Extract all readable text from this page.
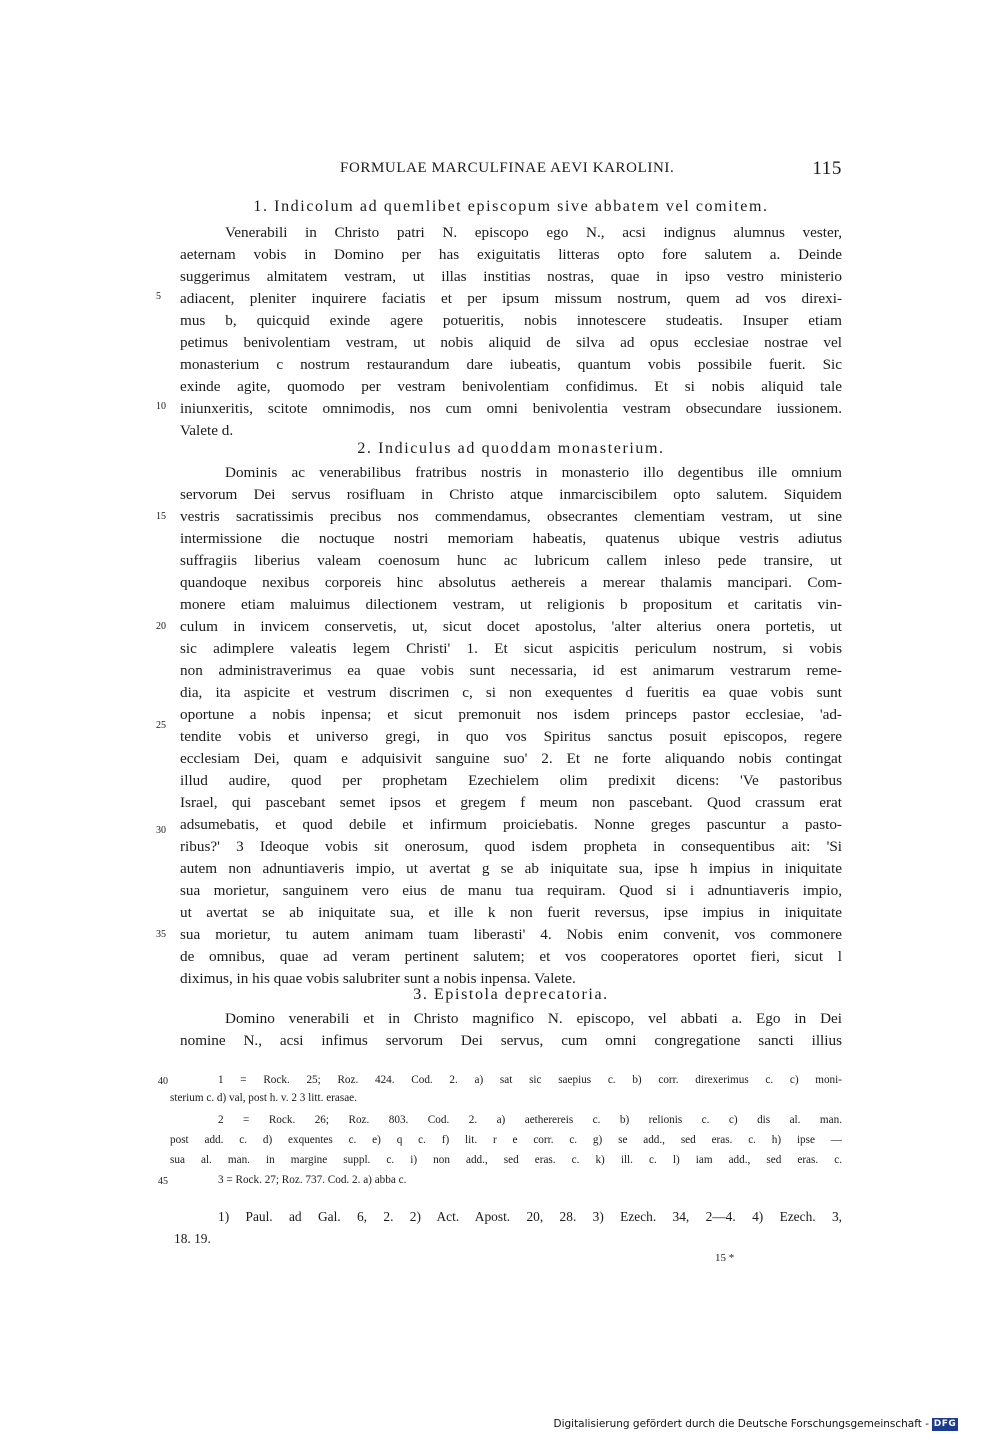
FORMULAE MARCULFINAE AEVI KAROLINI.	115
1. Indicolum ad quemlibet episcopum sive abbatem vel comitem.
Venerabili in Christo patri N. episcopo ego N., acsi indignus alumnus vester,
aeternam vobis in Domino per has exiguitatis litteras opto fore salutem a. Deinde
suggerimus almitatem vestram, ut illas institias nostras, quae in ipso vestro ministerio
adiacent, pleniter inquirere faciatis et per ipsum missum nostrum, quem ad vos direxi-
mus b, quicquid exinde agere potueritis, nobis innotescere studeatis. Insuper etiam
petimus benivolentiam vestram, ut nobis aliquid de silva ad opus ecclesiae nostrae vel
monasterium c nostrum restaurandum dare iubeatis, quantum vobis possibile fuerit. Sic
exinde agite, quomodo per vestram benivolentiam confidimus. Et si nobis aliquid tale
iniunxeritis, scitote omnimodis, nos cum omni benivolentia vestram obsecundare iussionem.
Valete d.
2. Indiculus ad quoddam monasterium.
Dominis ac venerabilibus fratribus nostris in monasterio illo degentibus ille omnium
servorum Dei servus rosifluam in Christo atque inmarciscibilem opto salutem. Siquidem
vestris sacratissimis precibus nos commendamus, obsecrantes clementiam vestram, ut sine
intermissione die noctuque nostri memoriam habeatis, quatenus ubique vestris adiutus
suffragiis liberius valeam coenosum hunc ac lubricum callem inleso pede transire, ut
quandoque nexibus corporeis hinc absolutus aethereis a merear thalamis mancipari. Com-
monere etiam maluimus dilectionem vestram, ut religionis b propositum et caritatis vin-
culum in invicem conservetis, ut, sicut docet apostolus, 'alter alterius onera portetis, ut
sic adimplere valeatis legem Christi' 1. Et sicut aspicitis periculum nostrum, si vobis
non administraverimus ea quae vobis sunt necessaria, id est animarum vestrarum reme-
dia, ita aspicite et vestrum discrimen c, si non exequentes d fueritis ea quae vobis sunt
oportune a nobis inpensa; et sicut premonuit nos isdem princeps pastor ecclesiae, 'ad-
tendite vobis et universo gregi, in quo vos Spiritus sanctus posuit episcopos, regere
ecclesiam Dei, quam e adquisivit sanguine suo' 2. Et ne forte aliquando nobis contingat
illud audire, quod per prophetam Ezechielem olim predixit dicens: 'Ve pastoribus
Israel, qui pascebant semet ipsos et gregem f meum non pascebant. Quod crassum erat
adsumebatis, et quod debile et infirmum proiciebatis. Nonne greges pascuntur a pasto-
ribus?' 3 Ideoque vobis sit onerosum, quod isdem propheta in consequentibus ait: 'Si
autem non adnuntiaveris impio, ut avertat g se ab iniquitate sua, ipse h impius in iniquitate
sua morietur, sanguinem vero eius de manu tua requiram. Quod si i adnuntiaveris impio,
ut avertat se ab iniquitate sua, et ille k non fuerit reversus, ipse impius in iniquitate
sua morietur, tu autem animam tuam liberasti' 4. Nobis enim convenit, vos commonere
de omnibus, quae ad veram pertinent salutem; et vos cooperatores oportet fieri, sicut l
diximus, in his quae vobis salubriter sunt a nobis inpensa. Valete.
3. Epistola deprecatoria.
Domino venerabili et in Christo magnifico N. episcopo, vel abbati a. Ego in Dei
nomine N., acsi infimus servorum Dei servus, cum omni congregatione sancti illius
5
10
15
20
25
30
35
1 = Rock. 25; Roz. 424. Cod. 2. a) sat sic saepius c. b) corr. direxerimus c. c) moni-
sterium c. d) val, post h. v. 2 3 litt. erasae.
2 = Rock. 26; Roz. 803. Cod. 2. a) aetherereis c. b) relionis c. c) dis al. man.
post add. c. d) exquentes c. e) q c. f) lit. r e corr. c. g) se add., sed eras. c. h) ipse —
sua al. man. in margine suppl. c. i) non add., sed eras. c. k) ill. c. l) iam add., sed eras. c.
3 = Rock. 27; Roz. 737. Cod. 2. a) abba c.
40
45
1) Paul. ad Gal. 6, 2. 2) Act. Apost. 20, 28. 3) Ezech. 34, 2—4. 4) Ezech. 3,
18. 19.
15 *
Digitalisierung gefördert durch die Deutsche Forschungsgemeinschaft - DFG
